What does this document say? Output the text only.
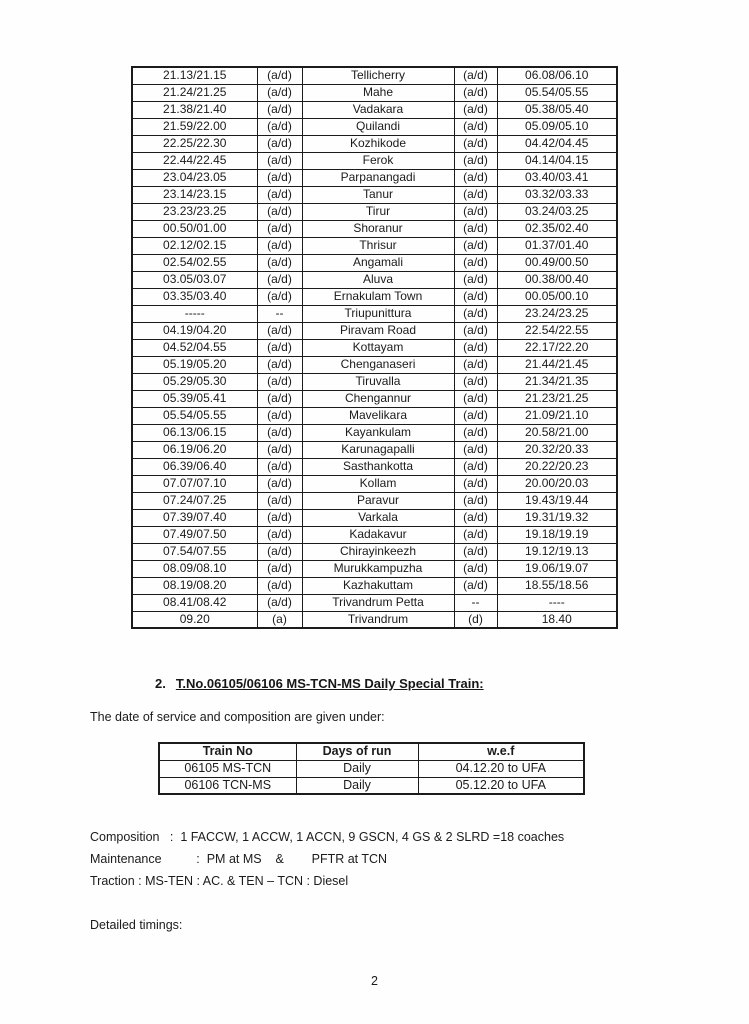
21.13/21.15	(a/d)	Tellicherry	(a/d)	06.08/06.10
21.24/21.25	(a/d)	Mahe	(a/d)	05.54/05.55
21.38/21.40	(a/d)	Vadakara	(a/d)	05.38/05.40
21.59/22.00	(a/d)	Quilandi	(a/d)	05.09/05.10
22.25/22.30	(a/d)	Kozhikode	(a/d)	04.42/04.45
22.44/22.45	(a/d)	Ferok	(a/d)	04.14/04.15
23.04/23.05	(a/d)	Parpanangadi	(a/d)	03.40/03.41
23.14/23.15	(a/d)	Tanur	(a/d)	03.32/03.33
23.23/23.25	(a/d)	Tirur	(a/d)	03.24/03.25
00.50/01.00	(a/d)	Shoranur	(a/d)	02.35/02.40
02.12/02.15	(a/d)	Thrisur	(a/d)	01.37/01.40
02.54/02.55	(a/d)	Angamali	(a/d)	00.49/00.50
03.05/03.07	(a/d)	Aluva	(a/d)	00.38/00.40
03.35/03.40	(a/d)	Ernakulam Town	(a/d)	00.05/00.10
-----	--	Triupunittura	(a/d)	23.24/23.25
04.19/04.20	(a/d)	Piravam Road	(a/d)	22.54/22.55
04.52/04.55	(a/d)	Kottayam	(a/d)	22.17/22.20
05.19/05.20	(a/d)	Chenganaseri	(a/d)	21.44/21.45
05.29/05.30	(a/d)	Tiruvalla	(a/d)	21.34/21.35
05.39/05.41	(a/d)	Chengannur	(a/d)	21.23/21.25
05.54/05.55	(a/d)	Mavelikara	(a/d)	21.09/21.10
06.13/06.15	(a/d)	Kayankulam	(a/d)	20.58/21.00
06.19/06.20	(a/d)	Karunagapalli	(a/d)	20.32/20.33
06.39/06.40	(a/d)	Sasthankotta	(a/d)	20.22/20.23
07.07/07.10	(a/d)	Kollam	(a/d)	20.00/20.03
07.24/07.25	(a/d)	Paravur	(a/d)	19.43/19.44
07.39/07.40	(a/d)	Varkala	(a/d)	19.31/19.32
07.49/07.50	(a/d)	Kadakavur	(a/d)	19.18/19.19
07.54/07.55	(a/d)	Chirayinkeezh	(a/d)	19.12/19.13
08.09/08.10	(a/d)	Murukkampuzha	(a/d)	19.06/19.07
08.19/08.20	(a/d)	Kazhakuttam	(a/d)	18.55/18.56
08.41/08.42	(a/d)	Trivandrum Petta	--	----
09.20	(a)	Trivandrum	(d)	18.40
2. T.No.06105/06106 MS-TCN-MS Daily Special Train:
The date of service and composition are given under:
Train No	Days of run	w.e.f
06105 MS-TCN	Daily	04.12.20 to UFA
06106 TCN-MS	Daily	05.12.20 to UFA
Composition   :  1 FACCW, 1 ACCW, 1 ACCN, 9 GSCN, 4 GS & 2 SLRD =18 coaches
Maintenance          :  PM at MS    &        PFTR at TCN
Traction : MS-TEN : AC. & TEN – TCN : Diesel
Detailed timings:
2
